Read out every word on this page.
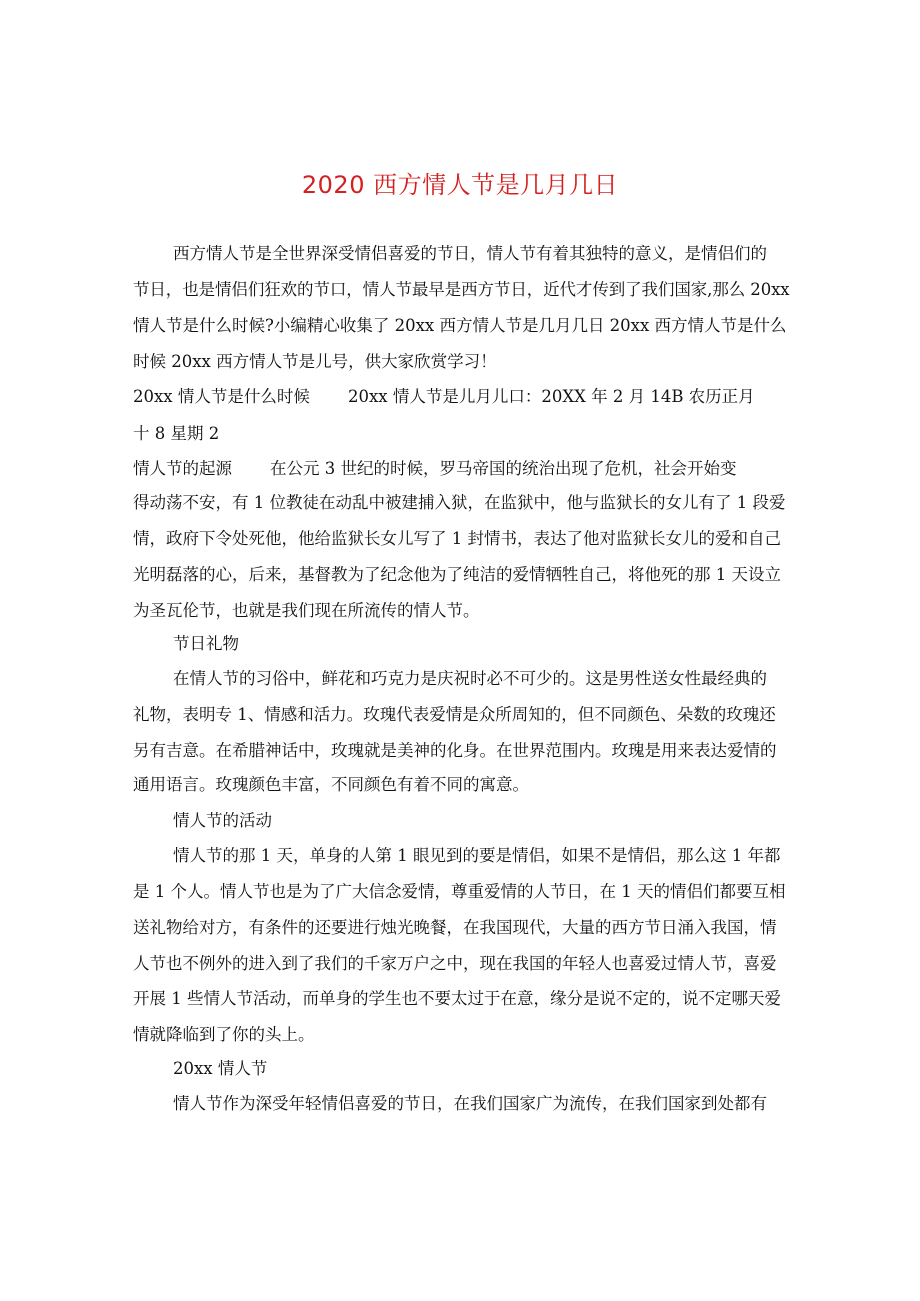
2020 西方情人节是几月几日
西方情人节是全世界深受情侣喜爱的节日，情人节有着其独特的意义，是情侣们的
节日，也是情侣们狂欢的节口，情人节最早是西方节日，近代才传到了我们国家,那么 20xx
情人节是什么时候?小编精心收集了 20xx 西方情人节是几月几日 20xx 西方情人节是什么
时候 20xx 西方情人节是儿号，供大家欣赏学习！
20xx 情人节是什么时候 20xx 情人节是儿月儿口：20XX 年 2 月 14B 农历正月
十 8 星期 2
情人节的起源 在公元 3 世纪的时候，罗马帝国的统治出现了危机，社会开始变
得动荡不安，有 1 位教徒在动乱中被建捕入狱，在监狱中，他与监狱长的女儿有了 1 段爱
情，政府下令处死他，他给监狱长女儿写了 1 封情书，表达了他对监狱长女儿的爱和自己
光明磊落的心，后来，基督教为了纪念他为了纯洁的爱情牺牲自己，将他死的那 1 天设立
为圣瓦伦节，也就是我们现在所流传的情人节。
节日礼物
在情人节的习俗中，鲜花和巧克力是庆祝时必不可少的。这是男性送女性最经典的
礼物，表明专 1、情感和活力。玫瑰代表爱情是众所周知的，但不同颜色、朵数的玫瑰还
另有吉意。在希腊神话中，玫瑰就是美神的化身。在世界范围内。玫瑰是用来表达爱情的
通用语言。玫瑰颜色丰富，不同颜色有着不同的寓意。
情人节的活动
情人节的那 1 天，单身的人第 1 眼见到的要是情侣，如果不是情侣，那么这 1 年都
是 1 个人。情人节也是为了广大信念爱情，尊重爱情的人节日，在 1 天的情侣们都要互相
送礼物给对方，有条件的还要进行烛光晚餐，在我国现代，大量的西方节日涌入我国，情
人节也不例外的进入到了我们的千家万户之中，现在我国的年轻人也喜爱过情人节，喜爱
开展 1 些情人节活动，而单身的学生也不要太过于在意，缘分是说不定的，说不定哪天爱
情就降临到了你的头上。
20xx 情人节
情人节作为深受年轻情侣喜爱的节日，在我们国家广为流传，在我们国家到处都有
